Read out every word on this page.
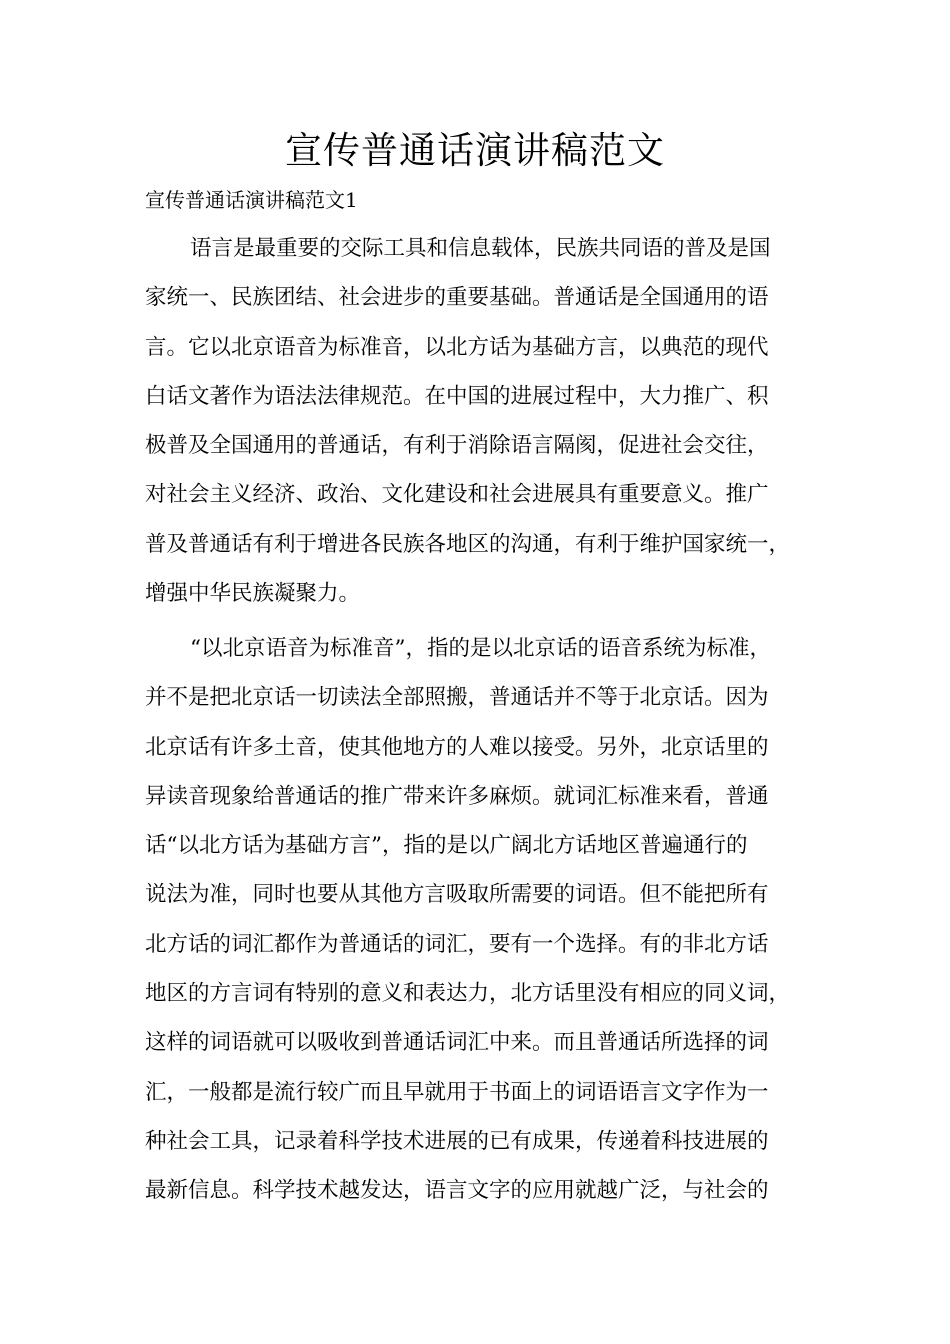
宣传普通话演讲稿范文

宣传普通话演讲稿范文1

语言是最重要的交际工具和信息载体，民族共同语的普及是国
家统一、民族团结、社会进步的重要基础。普通话是全国通用的语
言。它以北京语音为标准音，以北方话为基础方言，以典范的现代
白话文著作为语法法律规范。在中国的进展过程中，大力推广、积
极普及全国通用的普通话，有利于消除语言隔阂，促进社会交往，
对社会主义经济、政治、文化建设和社会进展具有重要意义。推广
普及普通话有利于增进各民族各地区的沟通，有利于维护国家统一，
增强中华民族凝聚力。
“以北京语音为标准音”，指的是以北京话的语音系统为标准，
并不是把北京话一切读法全部照搬，普通话并不等于北京话。因为
北京话有许多土音，使其他地方的人难以接受。另外，北京话里的
异读音现象给普通话的推广带来许多麻烦。就词汇标准来看，普通
话“以北方话为基础方言”，指的是以广阔北方话地区普遍通行的
说法为准，同时也要从其他方言吸取所需要的词语。但不能把所有
北方话的词汇都作为普通话的词汇，要有一个选择。有的非北方话
地区的方言词有特别的意义和表达力，北方话里没有相应的同义词，
这样的词语就可以吸收到普通话词汇中来。而且普通话所选择的词
汇，一般都是流行较广而且早就用于书面上的词语语言文字作为一
种社会工具，记录着科学技术进展的已有成果，传递着科技进展的
最新信息。科学技术越发达，语言文字的应用就越广泛，与社会的
